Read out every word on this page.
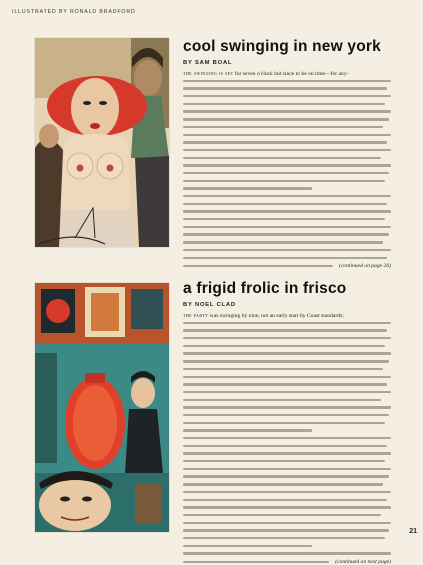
ILLUSTRATED BY RONALD BRADFORD
cool swinging in new york
BY SAM BOAL

the swinging is set for seven o'clock but since to be on time—for any-

(continued on page 26)
a frigid frolic in frisco
BY NOEL CLAD

the party was swinging by nine, not an early start by Coast standards;

(continued on next page)
21
